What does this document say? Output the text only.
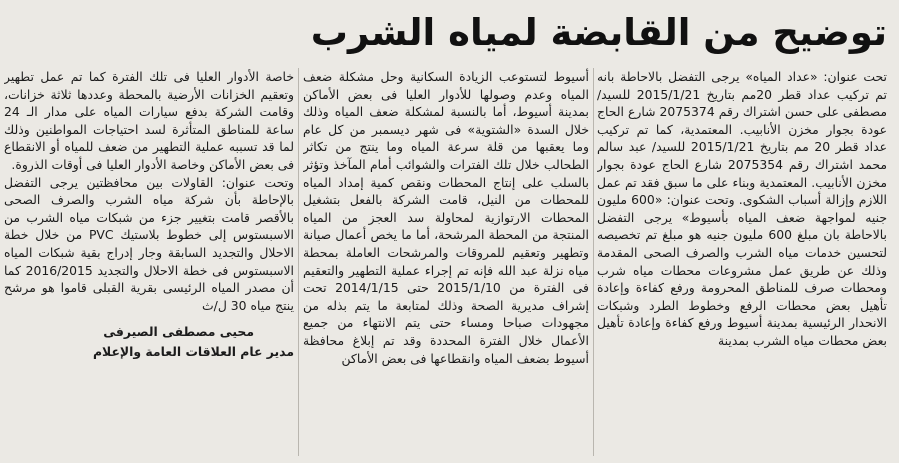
توضيح من القابضة لمياه الشرب

تحت عنوان: «عداد المياه» يرجى التفضل بالاحاطة بانه تم تركيب عداد قطر 20مم بتاريخ 2015/1/21 للسيد/ مصطفى على حسن اشتراك رقم 2075374 شارع الحاج عودة بجوار مخزن الأنابيب. المعتمدية، كما تم تركيب عداد قطر 20 مم بتاريخ 2015/1/21 للسيد/ عبد سالم محمد اشتراك رقم 2075354 شارع الحاج عودة بجوار مخزن الأنابيب. المعتمدية وبناء على ما سبق فقد تم عمل اللازم وإزالة أسباب الشكوى. وتحت عنوان: «600 مليون جنيه لمواجهة ضعف المياه بأسيوط» يرجى التفضل بالاحاطة بان مبلغ 600 مليون جنيه هو مبلغ تم تخصيصه لتحسين خدمات مياه الشرب والصرف الصحى المقدمة وذلك عن طريق عمل مشروعات محطات مياه شرب ومحطات صرف للمناطق المحرومة ورفع كفاءة وإعادة تأهيل بعض محطات الرفع وخطوط الطرد وشبكات الانحدار الرئيسية بمدينة أسيوط ورفع كفاءة وإعادة تأهيل بعض محطات مياه الشرب بمدينة

أسيوط لتستوعب الزيادة السكانية وحل مشكلة ضعف المياه وعدم وصولها للأدوار العليا فى بعض الأماكن بمدينة أسيوط، أما بالنسبة لمشكلة ضعف المياه وذلك خلال السدة «الشتوية» فى شهر ديسمبر من كل عام وما يعقبها من قلة سرعة المياه وما ينتج من تكاثر الطحالب خلال تلك الفترات والشوائب أمام المآخذ وتؤثر بالسلب على إنتاج المحطات ونقص كمية إمداد المياه للمحطات من النيل، قامت الشركة بالفعل بتشغيل المحطات الارتوازية لمحاولة سد العجز من المياه المنتجة من المحطة المرشحة، أما ما يخص أعمال صيانة وتطهير وتعقيم للمروقات والمرشحات العاملة بمحطة مياه نزلة عبد الله فإنه تم إجراء عملية التطهير والتعقيم فى الفترة من 2015/1/10 حتى 2014/1/15 تحت إشراف مديرية الصحة وذلك لمتابعة ما يتم بذله من مجهودات صباحا ومساء حتى يتم الانتهاء من جميع الأعمال خلال الفترة المحددة وقد تم إبلاغ محافظة أسيوط بضعف المياه وانقطاعها فى بعض الأماكن

خاصة الأدوار العليا فى تلك الفترة كما تم عمل تطهير وتعقيم الخزانات الأرضية بالمحطة وعددها ثلاثة خزانات، وقامت الشركة بدفع سيارات المياه على مدار الـ 24 ساعة للمناطق المتأثرة لسد احتياجات المواطنين وذلك لما قد تسببه عملية التطهير من ضعف للمياه أو الانقطاع فى بعض الأماكن وخاصة الأدوار العليا فى أوقات الذروة.

وتحت عنوان: القاولات بين محافظتين يرجى التفضل بالإحاطة بأن شركة مياه الشرب والصرف الصحى بالأقصر قامت بتغيير جزء من شبكات مياه الشرب من الاسبستوس إلى خطوط بلاستيك PVC من خلال خطة الاحلال والتجديد السابقة وجار إدراج بقية شبكات المياه الاسبستوس فى خطة الاحلال والتجديد 2016/2015 كما أن مصدر المياه الرئيسى بقرية القبلى قاموا هو مرشح ينتج مياه 30 ل/ث

محيى مصطفى الصيرفى

مدير عام العلاقات العامة والإعلام
